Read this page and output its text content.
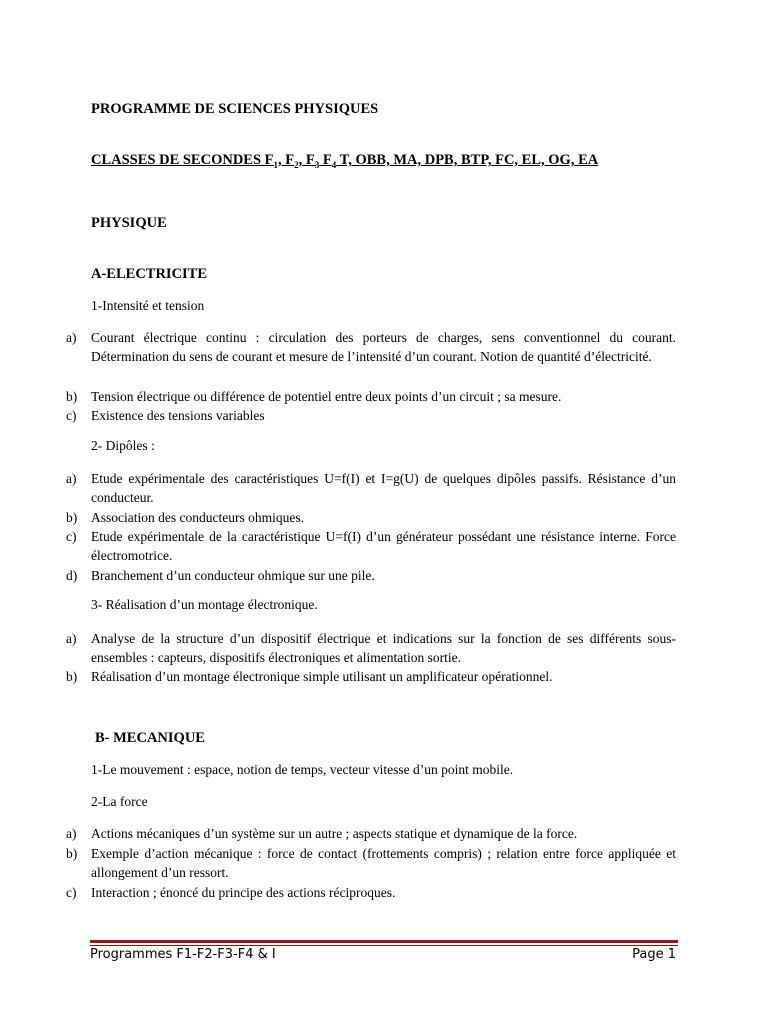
PROGRAMME DE SCIENCES PHYSIQUES
CLASSES DE SECONDES $F_1$, $F_2$, $F_3$ $F_4$ T, OBB, MA, DPB, BTP, FC, EL, OG, EA
PHYSIQUE
A-ELECTRICITE
1-Intensité et tension
a) Courant électrique continu : circulation des porteurs de charges, sens conventionnel du courant. Détermination du sens de courant et mesure de l’intensité d’un courant. Notion de quantité d’électricité.
b) Tension électrique ou différence de potentiel entre deux points d’un circuit ; sa mesure.
c) Existence des tensions variables
2- Dipôles :
a) Etude expérimentale des caractéristiques U=f(I) et I=g(U) de quelques dipôles passifs. Résistance d’un conducteur.
b) Association des conducteurs ohmiques.
c) Etude expérimentale de la caractéristique U=f(I) d’un générateur possédant une résistance interne. Force électromotrice.
d) Branchement d’un conducteur ohmique sur une pile.
3- Réalisation d’un montage électronique.
a) Analyse de la structure d’un dispositif électrique et indications sur la fonction de ses différents sous-ensembles : capteurs, dispositifs électroniques et alimentation sortie.
b) Réalisation d’un montage électronique simple utilisant un amplificateur opérationnel.
B- MECANIQUE
1-Le mouvement : espace, notion de temps, vecteur vitesse d’un point mobile.
2-La force
a) Actions mécaniques d’un système sur un autre ; aspects statique et dynamique de la force.
b) Exemple d’action mécanique : force de contact (frottements compris) ; relation entre force appliquée et allongement d’un ressort.
c) Interaction ; énoncé du principe des actions réciproques.
Programmes F1-F2-F3-F4 & I	Page 1
